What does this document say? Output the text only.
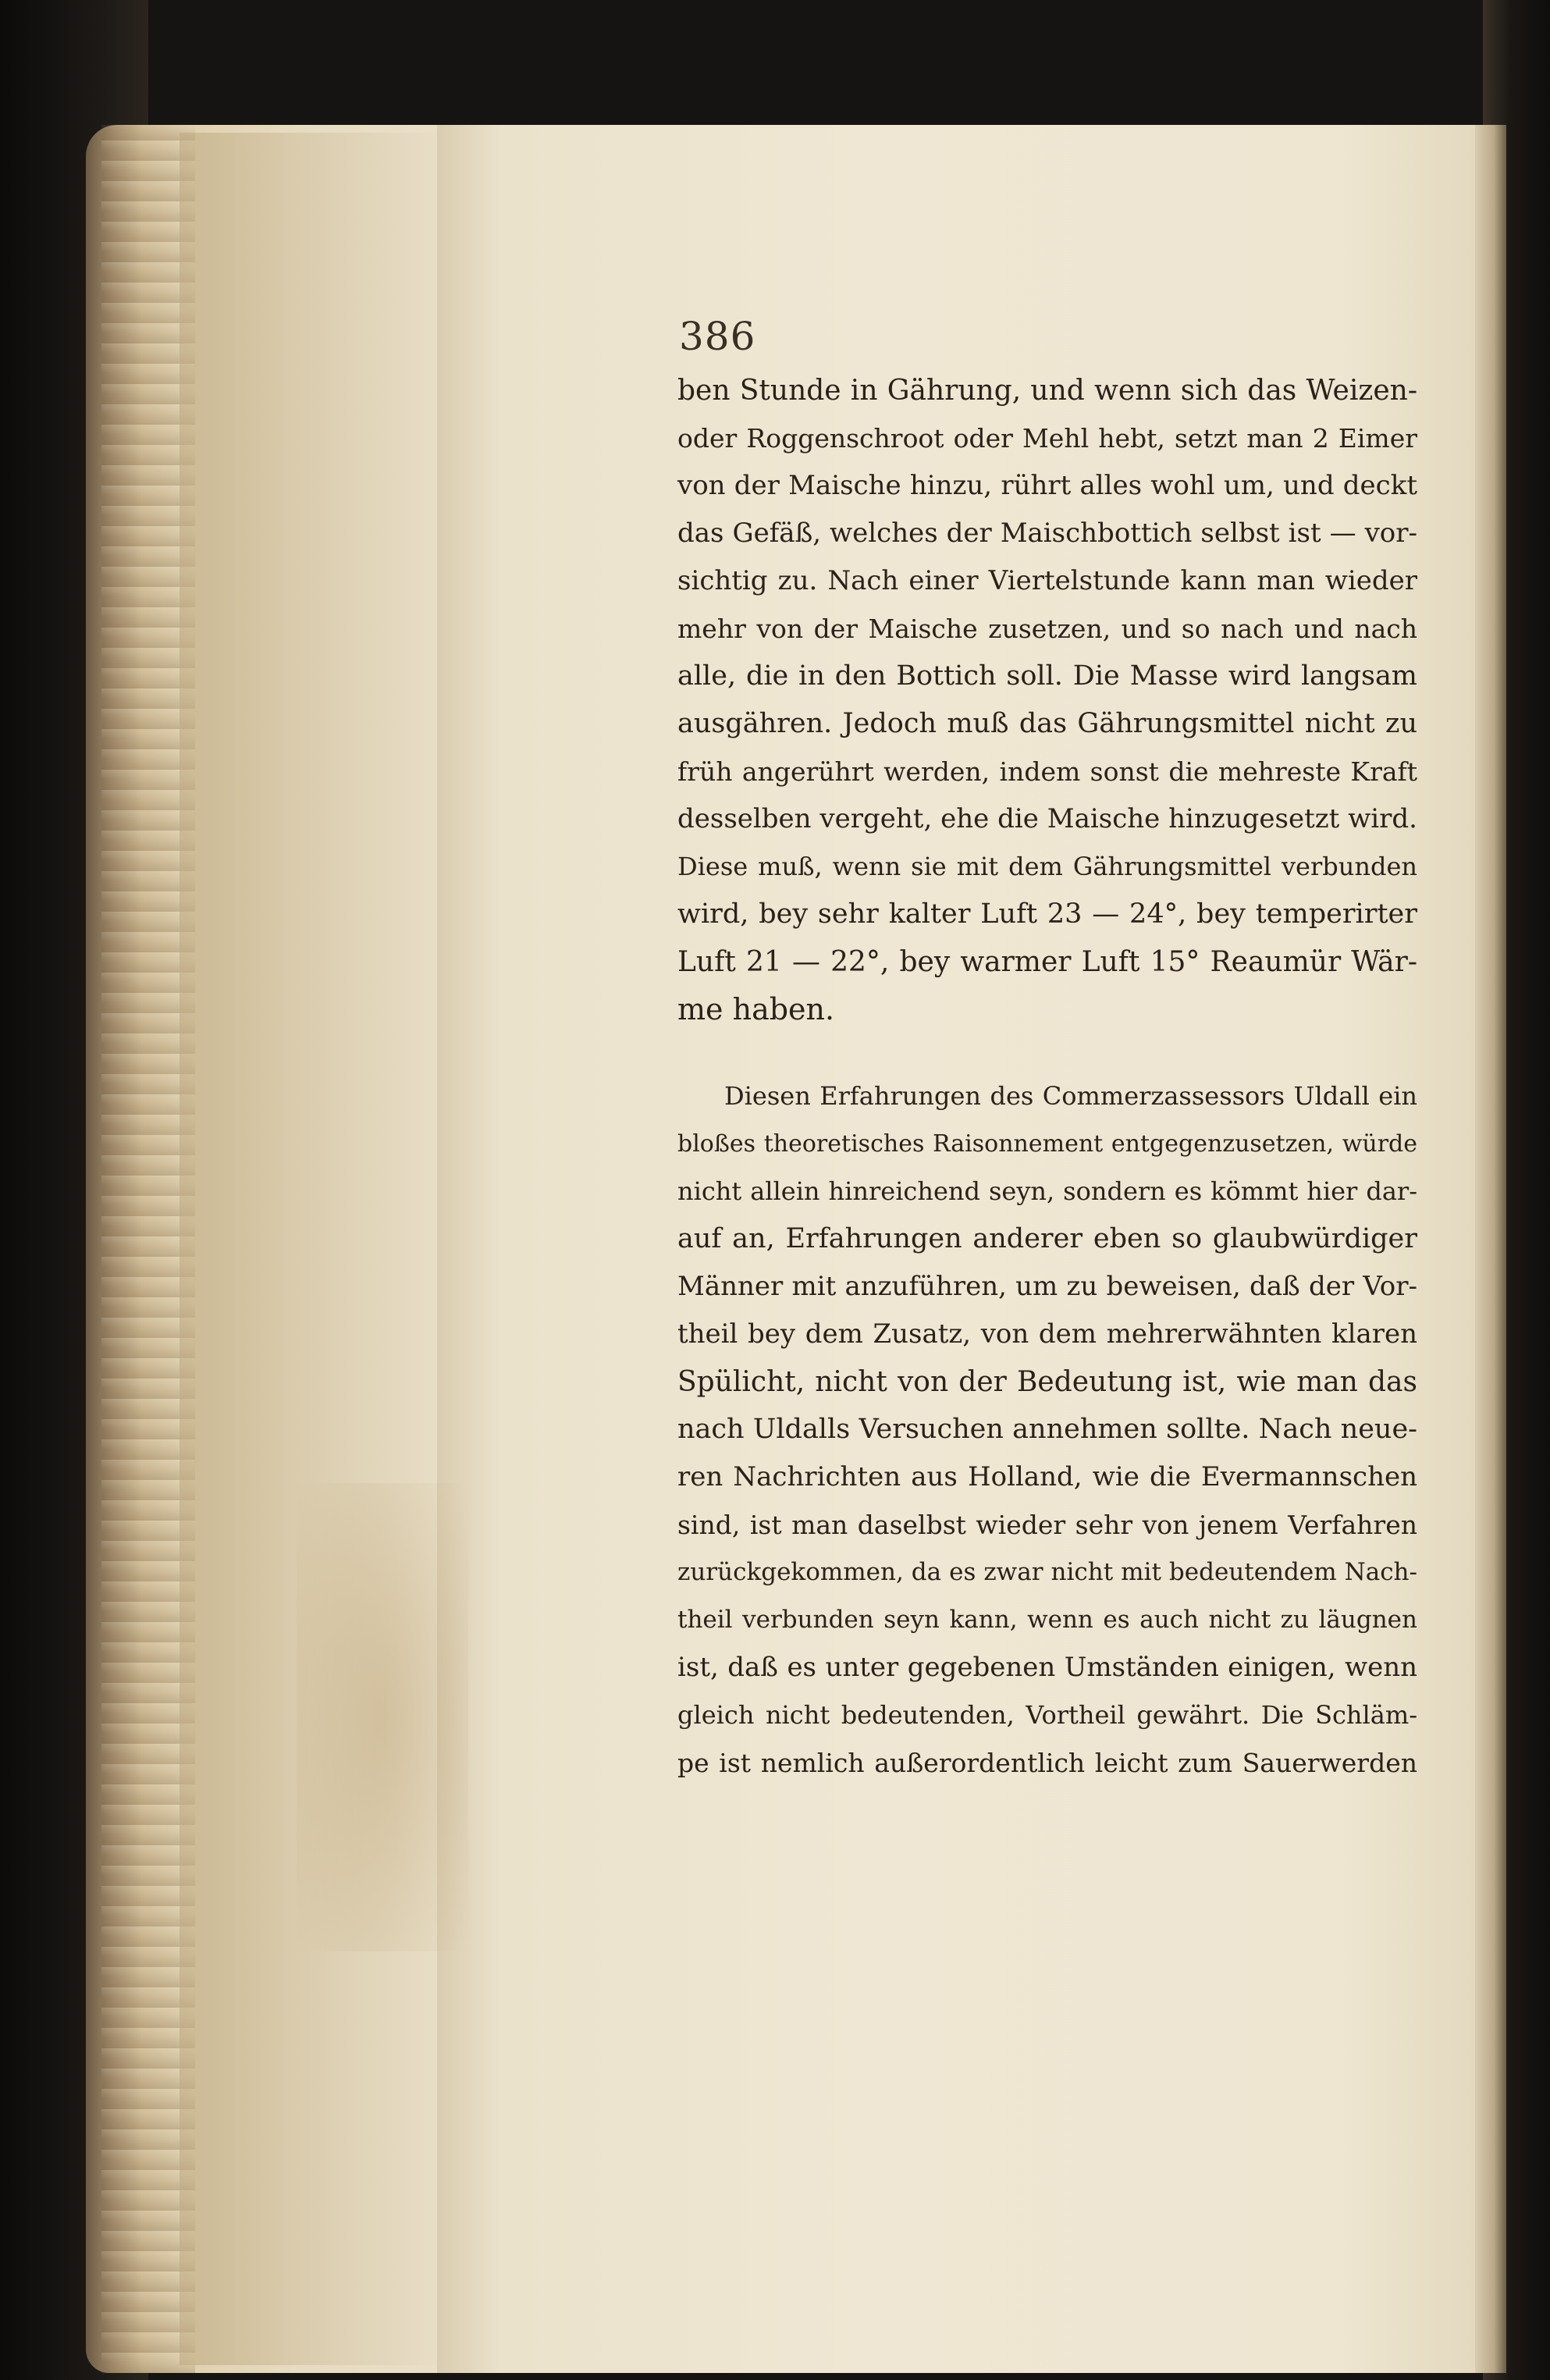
386
ben Stunde in Gährung, und wenn sich das Weizen-
oder Roggenschroot oder Mehl hebt, setzt man 2 Eimer
von der Maische hinzu, rührt alles wohl um, und deckt
das Gefäß, welches der Maischbottich selbst ist — vor-
sichtig zu. Nach einer Viertelstunde kann man wieder
mehr von der Maische zusetzen, und so nach und nach
alle, die in den Bottich soll. Die Masse wird langsam
ausgähren. Jedoch muß das Gährungsmittel nicht zu
früh angerührt werden, indem sonst die mehreste Kraft
desselben vergeht, ehe die Maische hinzugesetzt wird.
Diese muß, wenn sie mit dem Gährungsmittel verbunden
wird, bey sehr kalter Luft 23 — 24°, bey temperirter
Luft 21 — 22°, bey warmer Luft 15° Reaumür Wär-
me haben.
Diesen Erfahrungen des Commerzassessors Uldall ein
bloßes theoretisches Raisonnement entgegenzusetzen, würde
nicht allein hinreichend seyn, sondern es kömmt hier dar-
auf an, Erfahrungen anderer eben so glaubwürdiger
Männer mit anzuführen, um zu beweisen, daß der Vor-
theil bey dem Zusatz, von dem mehrerwähnten klaren
Spülicht, nicht von der Bedeutung ist, wie man das
nach Uldalls Versuchen annehmen sollte. Nach neue-
ren Nachrichten aus Holland, wie die Evermannschen
sind, ist man daselbst wieder sehr von jenem Verfahren
zurückgekommen, da es zwar nicht mit bedeutendem Nach-
theil verbunden seyn kann, wenn es auch nicht zu läugnen
ist, daß es unter gegebenen Umständen einigen, wenn
gleich nicht bedeutenden, Vortheil gewährt. Die Schläm-
pe ist nemlich außerordentlich leicht zum Sauerwerden
